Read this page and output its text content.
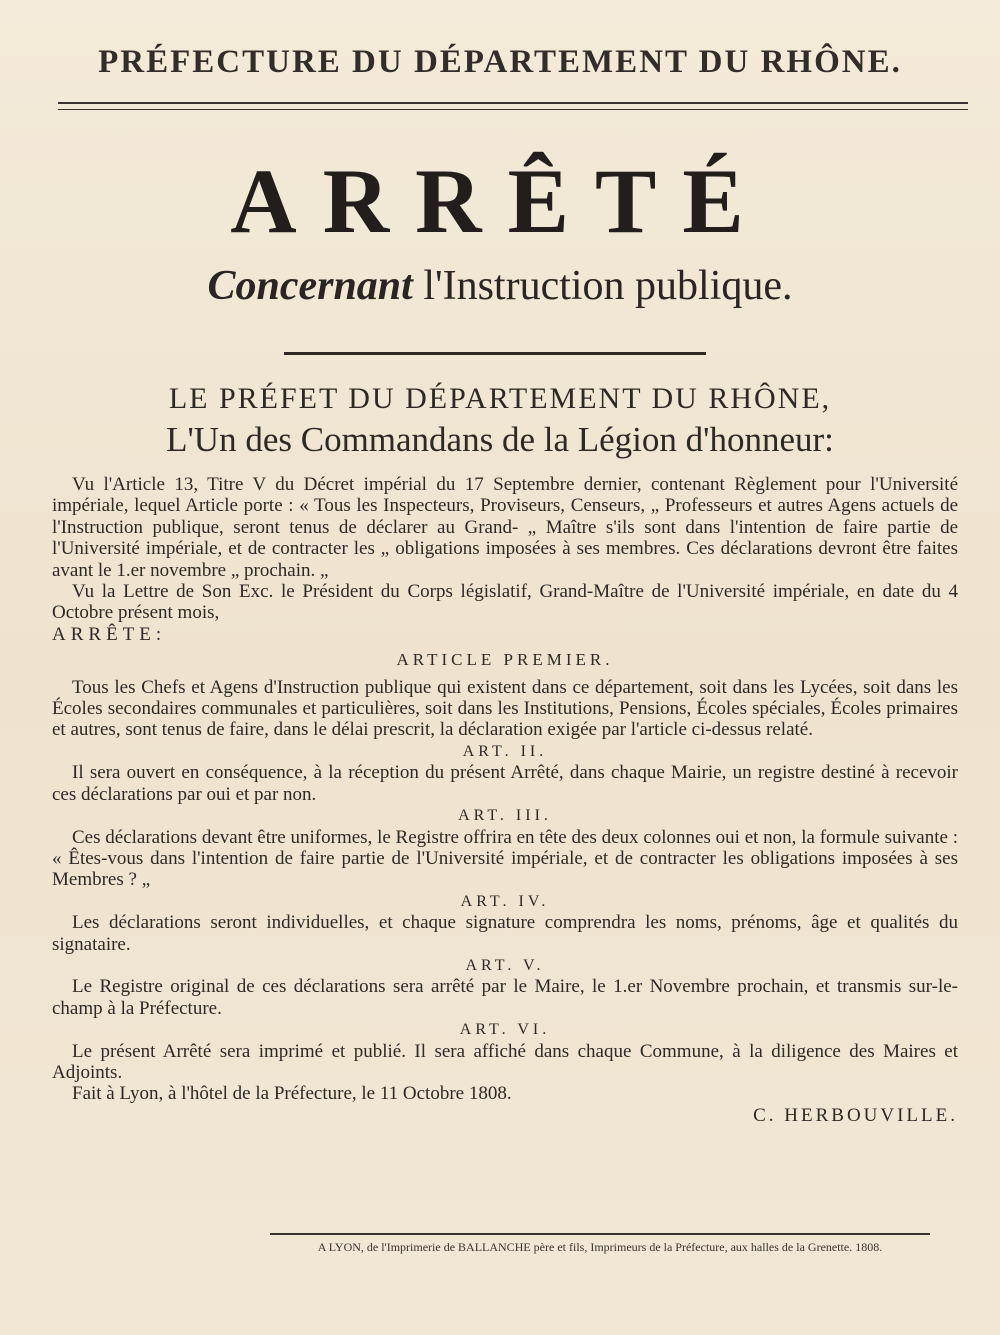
PRÉFECTURE DU DÉPARTEMENT DU RHÔNE.
ARRÊTÉ
Concernant l'Instruction publique.
LE PRÉFET DU DÉPARTEMENT DU RHÔNE,
L'Un des Commandans de la Légion d'honneur:

Vu l'Article 13, Titre V du Décret impérial du 17 Septembre dernier, contenant Règlement pour l'Université impériale, lequel Article porte : « Tous les Inspecteurs, Proviseurs, Censeurs, „ Professeurs et autres Agens actuels de l'Instruction publique, seront tenus de déclarer au Grand- „ Maître s'ils sont dans l'intention de faire partie de l'Université impériale, et de contracter les „ obligations imposées à ses membres. Ces déclarations devront être faites avant le 1.er novembre „ prochain. „

Vu la Lettre de Son Exc. le Président du Corps législatif, Grand-Maître de l'Université impériale, en date du 4 Octobre présent mois,

ARRÊTE:

ARTICLE PREMIER.

Tous les Chefs et Agens d'Instruction publique qui existent dans ce département, soit dans les Lycées, soit dans les Écoles secondaires communales et particulières, soit dans les Institutions, Pensions, Écoles spéciales, Écoles primaires et autres, sont tenus de faire, dans le délai prescrit, la déclaration exigée par l'article ci-dessus relaté.

ART. II.

Il sera ouvert en conséquence, à la réception du présent Arrêté, dans chaque Mairie, un registre destiné à recevoir ces déclarations par oui et par non.

ART. III.

Ces déclarations devant être uniformes, le Registre offrira en tête des deux colonnes oui et non, la formule suivante : « Êtes-vous dans l'intention de faire partie de l'Université impériale, et de contracter les obligations imposées à ses Membres ? „

ART. IV.

Les déclarations seront individuelles, et chaque signature comprendra les noms, prénoms, âge et qualités du signataire.

ART. V.

Le Registre original de ces déclarations sera arrêté par le Maire, le 1.er Novembre prochain, et transmis sur-le-champ à la Préfecture.

ART. VI.

Le présent Arrêté sera imprimé et publié. Il sera affiché dans chaque Commune, à la diligence des Maires et Adjoints.

Fait à Lyon, à l'hôtel de la Préfecture, le 11 Octobre 1808.

C. HERBOUVILLE.

A LYON, de l'Imprimerie de BALLANCHE père et fils, Imprimeurs de la Préfecture, aux halles de la Grenette. 1808.
